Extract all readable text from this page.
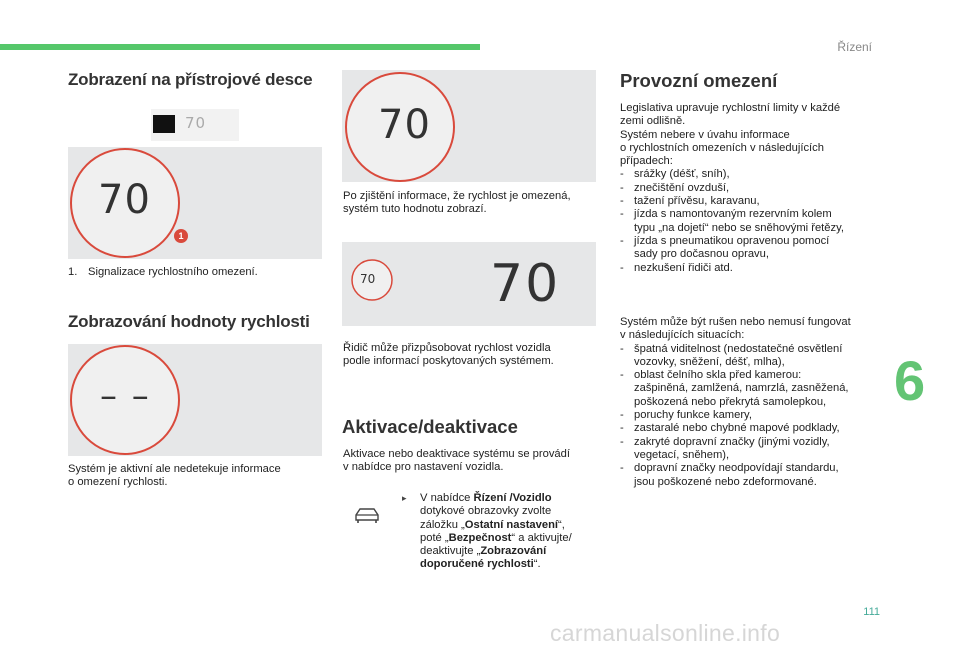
Řízení
Zobrazení na přístrojové desce
70
70
1
1. Signalizace rychlostního omezení.
Zobrazování hodnoty rychlosti
– –
Systém je aktivní ale nedetekuje informace
o omezení rychlosti.
70
Po zjištění informace, že rychlost je omezená,
systém tuto hodnotu zobrazí.
70 70
Řidič může přizpůsobovat rychlost vozidla
podle informací poskytovaných systémem.
Aktivace/deaktivace
Aktivace nebo deaktivace systému se provádí
v nabídce pro nastavení vozidla.
▸	V nabídce Řízení /Vozidlo
dotykové obrazovky zvolte
záložku „Ostatní nastavení“,
poté „Bezpečnost“ a aktivujte/
deaktivujte „Zobrazování
doporučené rychlosti“.
Provozní omezení
Legislativa upravuje rychlostní limity v každé
zemi odlišně.
Systém nebere v úvahu informace
o rychlostních omezeních v následujících
případech:
- srážky (déšť, sníh),
- znečištění ovzduší,
- tažení přívěsu, karavanu,
- jízda s namontovaným rezervním kolem
typu „na dojetí“ nebo se sněhovými řetězy,
- jízda s pneumatikou opravenou pomocí
sady pro dočasnou opravu,
- nezkušení řidiči atd.
Systém může být rušen nebo nemusí fungovat
v následujících situacích:
- špatná viditelnost (nedostatečné osvětlení
vozovky, sněžení, déšť, mlha),
- oblast čelního skla před kamerou:
zašpiněná, zamlžená, namrzlá, zasněžená,
poškozená nebo překrytá samolepkou,
- poruchy funkce kamery,
- zastaralé nebo chybné mapové podklady,
- zakryté dopravní značky (jinými vozidly,
vegetací, sněhem),
- dopravní značky neodpovídají standardu,
jsou poškozené nebo zdeformované.
6
111
carmanualsonline.info
